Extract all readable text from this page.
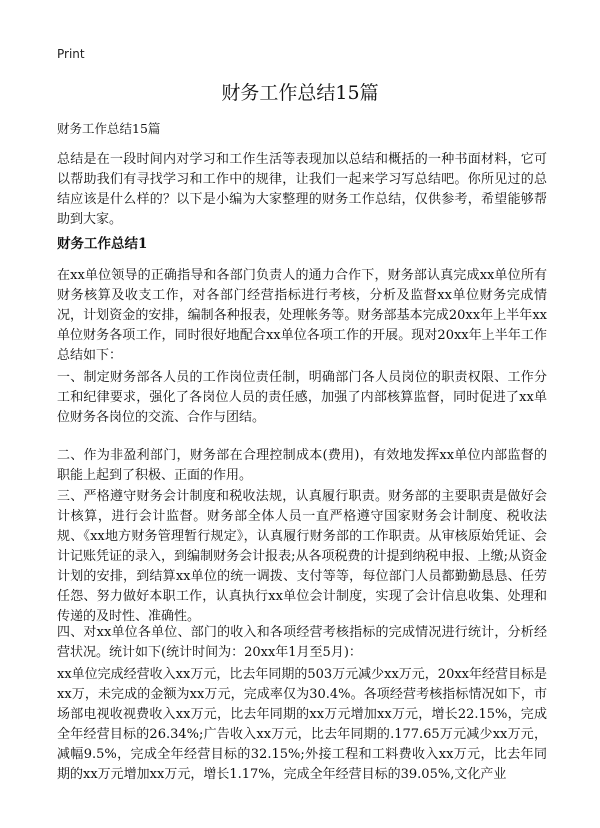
Print
财务工作总结15篇
财务工作总结15篇

总结是在一段时间内对学习和工作生活等表现加以总结和概括的一种书面材料，它可以帮助我们有寻找学习和工作中的规律，让我们一起来学习写总结吧。你所见过的总结应该是什么样的？以下是小编为大家整理的财务工作总结，仅供参考，希望能够帮助到大家。

财务工作总结1

在xx单位领导的正确指导和各部门负责人的通力合作下，财务部认真完成xx单位所有财务核算及收支工作，对各部门经营指标进行考核，分析及监督xx单位财务完成情况，计划资金的安排，编制各种报表，处理帐务等。财务部基本完成20xx年上半年xx单位财务各项工作，同时很好地配合xx单位各项工作的开展。现对20xx年上半年工作总结如下：

一、制定财务部各人员的工作岗位责任制，明确部门各人员岗位的职责权限、工作分工和纪律要求，强化了各岗位人员的责任感，加强了内部核算监督，同时促进了xx单位财务各岗位的交流、合作与团结。

二、作为非盈利部门，财务部在合理控制成本(费用)，有效地发挥xx单位内部监督的职能上起到了积极、正面的作用。

三、严格遵守财务会计制度和税收法规，认真履行职责。财务部的主要职责是做好会计核算，进行会计监督。财务部全体人员一直严格遵守国家财务会计制度、税收法规、《xx地方财务管理暂行规定》，认真履行财务部的工作职责。从审核原始凭证、会计记账凭证的录入，到编制财务会计报表;从各项税费的计提到纳税申报、上缴;从资金计划的安排，到结算xx单位的统一调拨、支付等等，每位部门人员都勤勤恳恳、任劳任怨、努力做好本职工作，认真执行xx单位会计制度，实现了会计信息收集、处理和传递的及时性、准确性。

四、对xx单位各单位、部门的收入和各项经营考核指标的完成情况进行统计，分析经营状况。统计如下(统计时间为：20xx年1月至5月)：

xx单位完成经营收入xx万元，比去年同期的503万元减少xx万元，20xx年经营目标是xx万，未完成的金额为xx万元，完成率仅为30.4%。各项经营考核指标情况如下，市场部电视收视费收入xx万元，比去年同期的xx万元增加xx万元，增长22.15%，完成全年经营目标的26.34%;广告收入xx万元，比去年同期的.177.65万元减少xx万元，减幅9.5%，完成全年经营目标的32.15%;外接工程和工料费收入xx万元，比去年同期的xx万元增加xx万元，增长1.17%，完成全年经营目标的39.05%,文化产业
